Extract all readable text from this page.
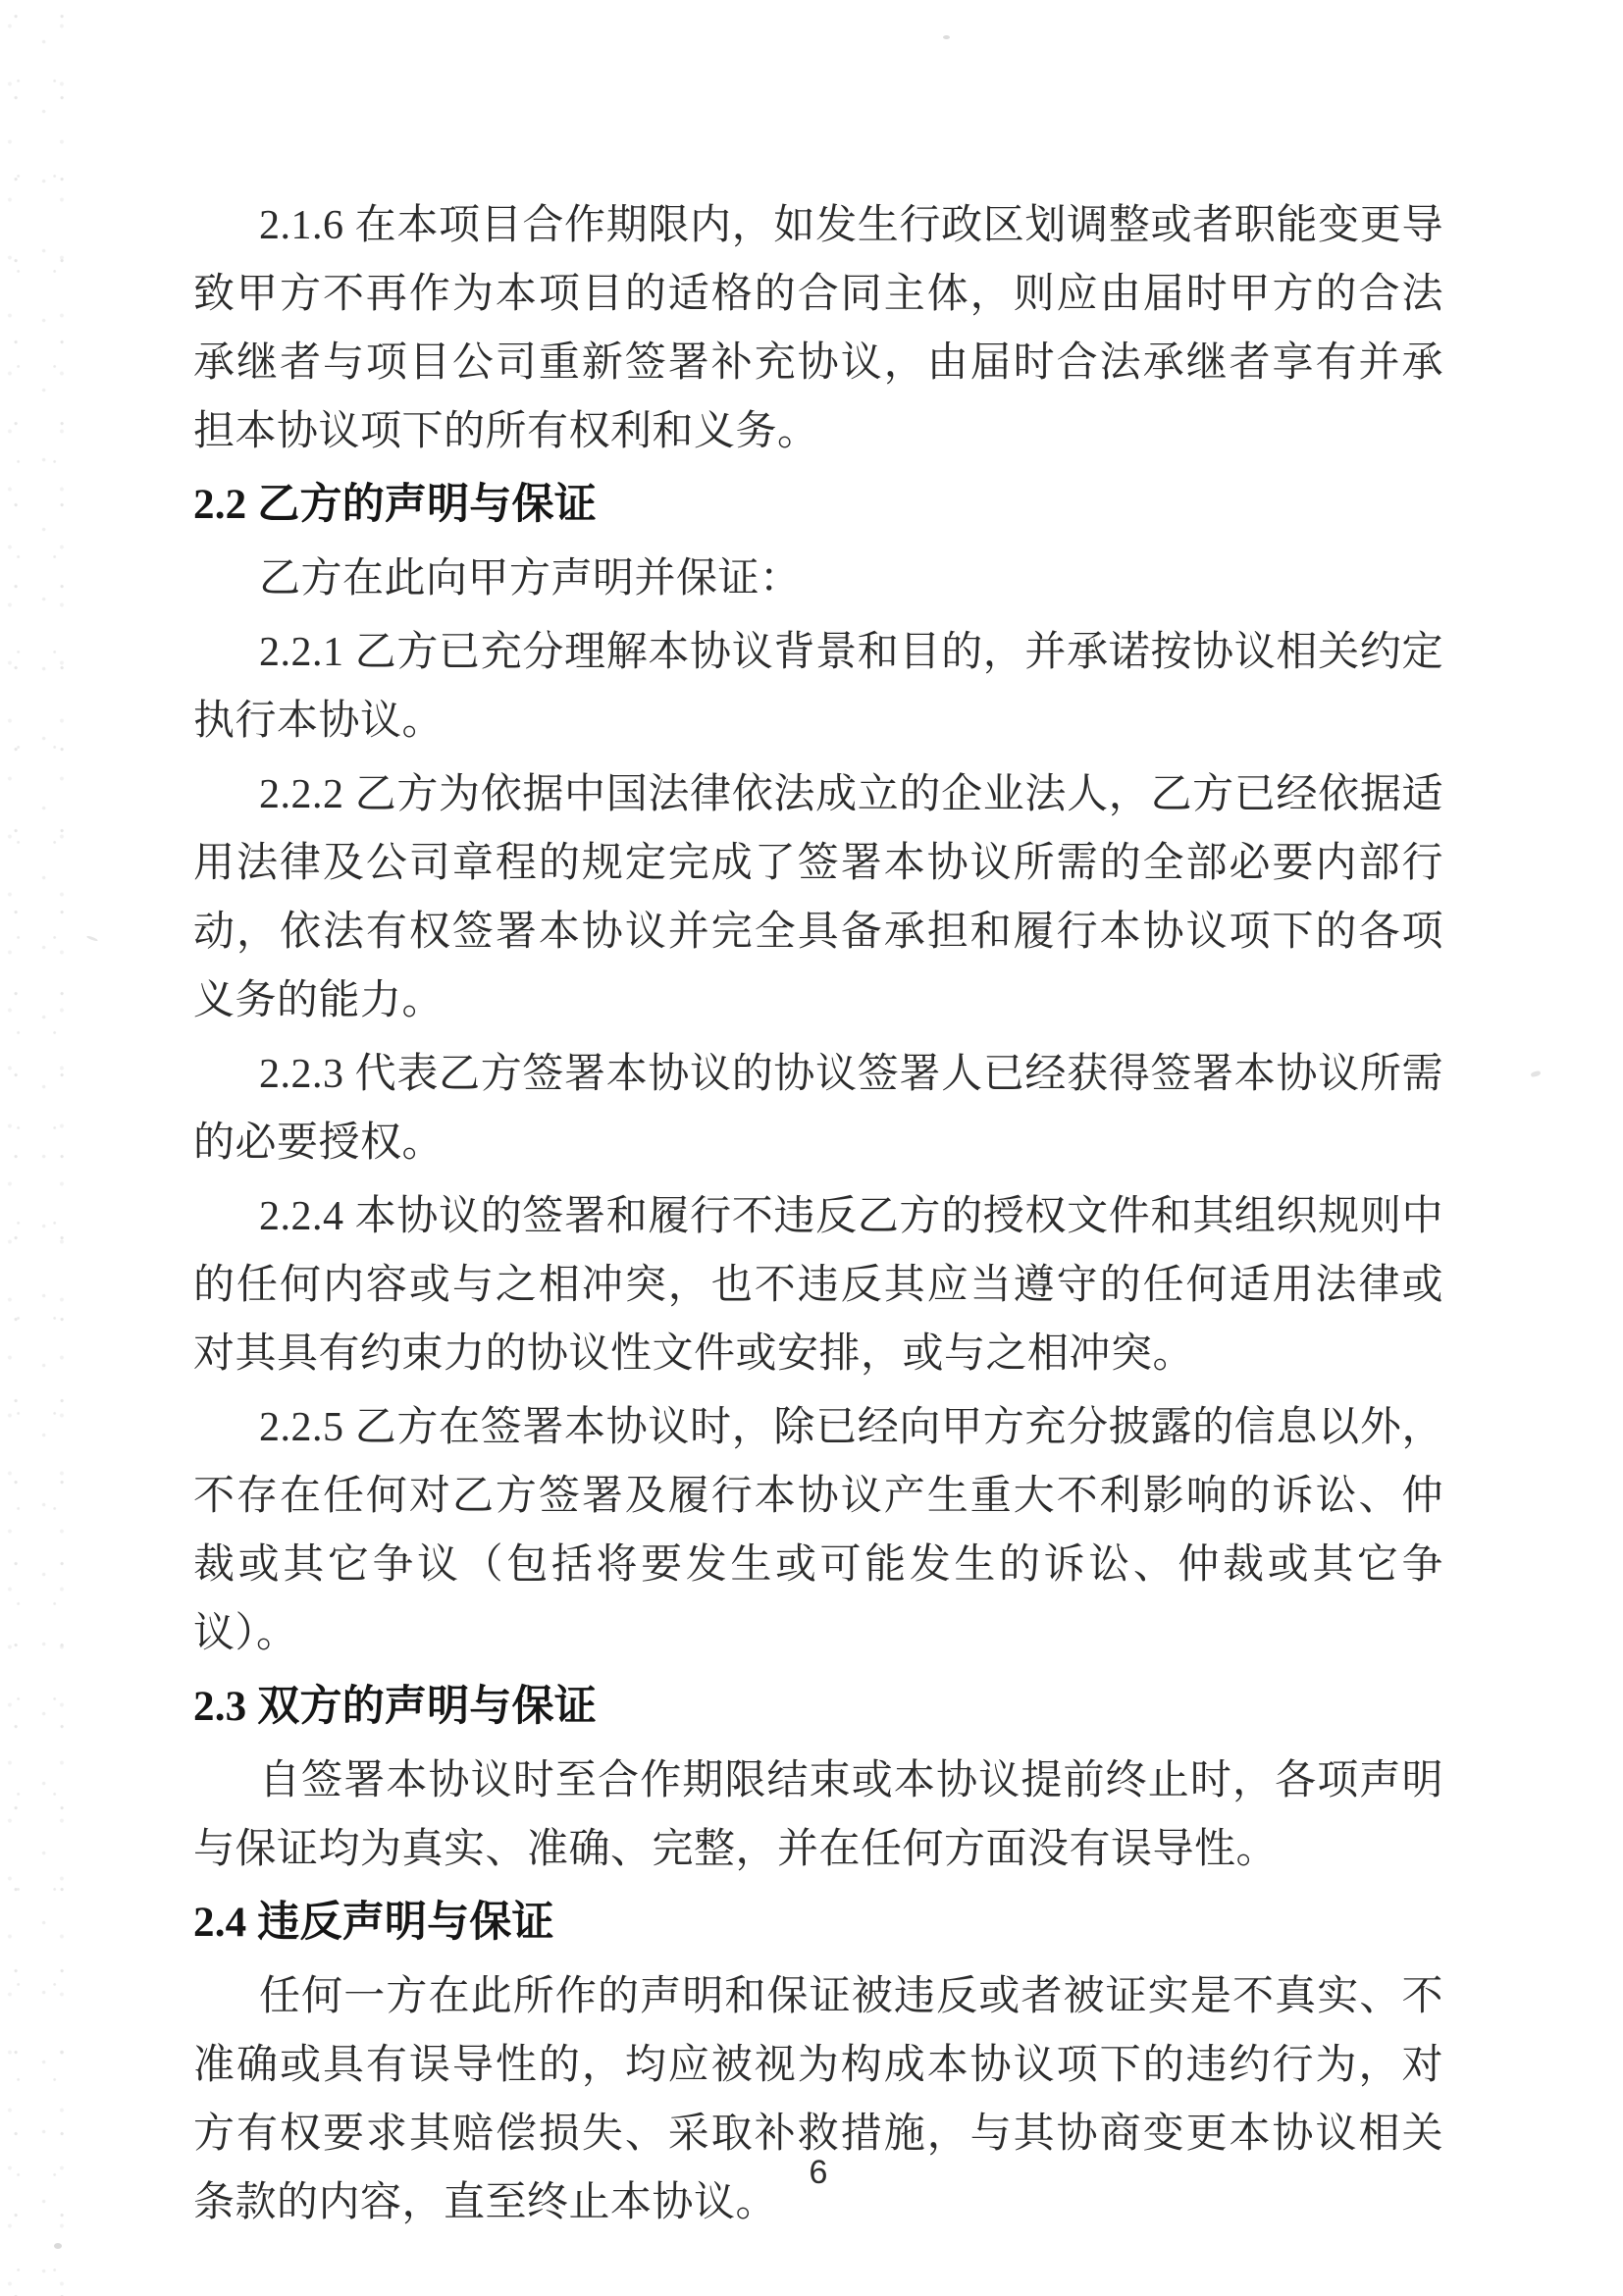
2.1.6 在本项目合作期限内，如发生行政区划调整或者职能变更导致甲方不再作为本项目的适格的合同主体，则应由届时甲方的合法承继者与项目公司重新签署补充协议，由届时合法承继者享有并承担本协议项下的所有权利和义务。

2.2 乙方的声明与保证

乙方在此向甲方声明并保证：

2.2.1 乙方已充分理解本协议背景和目的，并承诺按协议相关约定执行本协议。

2.2.2 乙方为依据中国法律依法成立的企业法人，乙方已经依据适用法律及公司章程的规定完成了签署本协议所需的全部必要内部行动，依法有权签署本协议并完全具备承担和履行本协议项下的各项义务的能力。

2.2.3 代表乙方签署本协议的协议签署人已经获得签署本协议所需的必要授权。

2.2.4 本协议的签署和履行不违反乙方的授权文件和其组织规则中的任何内容或与之相冲突，也不违反其应当遵守的任何适用法律或对其具有约束力的协议性文件或安排，或与之相冲突。

2.2.5 乙方在签署本协议时，除已经向甲方充分披露的信息以外，不存在任何对乙方签署及履行本协议产生重大不利影响的诉讼、仲裁或其它争议（包括将要发生或可能发生的诉讼、仲裁或其它争议）。

2.3 双方的声明与保证

自签署本协议时至合作期限结束或本协议提前终止时，各项声明与保证均为真实、准确、完整，并在任何方面没有误导性。

2.4 违反声明与保证

任何一方在此所作的声明和保证被违反或者被证实是不真实、不准确或具有误导性的，均应被视为构成本协议项下的违约行为，对方有权要求其赔偿损失、采取补救措施，与其协商变更本协议相关条款的内容，直至终止本协议。

6
